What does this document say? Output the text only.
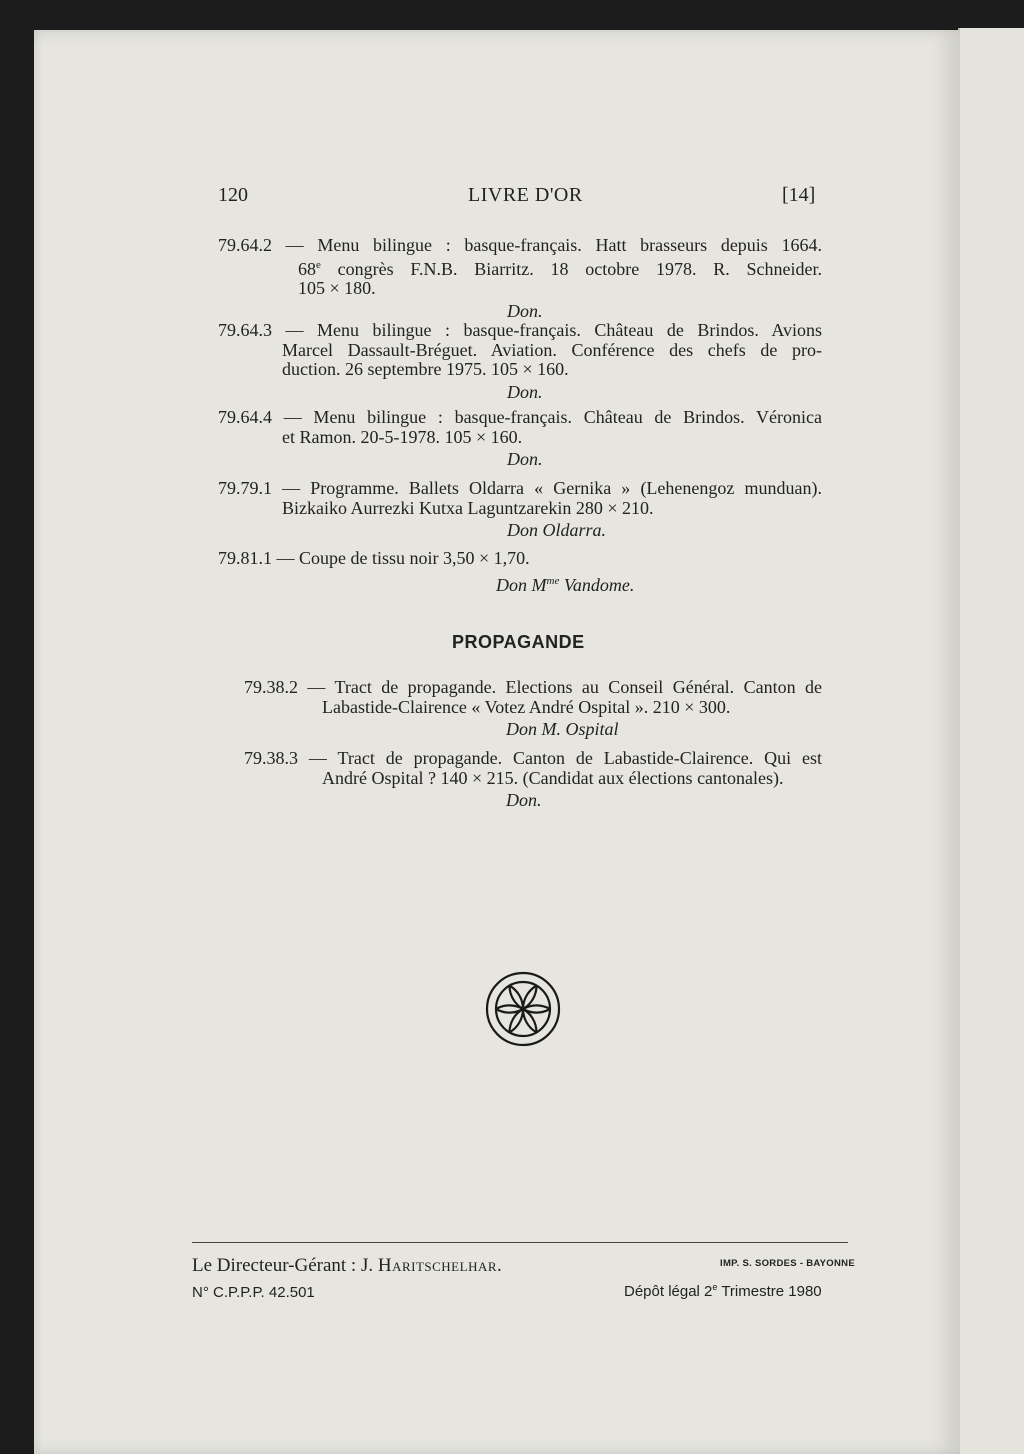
120	LIVRE D'OR	[14]
79.64.2 — Menu bilingue : basque-français. Hatt brasseurs depuis 1664.
68e congrès F.N.B. Biarritz. 18 octobre 1978. R. Schneider.
105 × 180.
Don.
79.64.3 — Menu bilingue : basque-français. Château de Brindos. Avions
Marcel Dassault-Bréguet. Aviation. Conférence des chefs de pro-
duction. 26 septembre 1975. 105 × 160.
Don.
79.64.4 — Menu bilingue : basque-français. Château de Brindos. Véronica
et Ramon. 20-5-1978. 105 × 160.
Don.
79.79.1 — Programme. Ballets Oldarra « Gernika » (Lehenengoz munduan).
Bizkaiko Aurrezki Kutxa Laguntzarekin 280 × 210.
Don Oldarra.
79.81.1 — Coupe de tissu noir 3,50 × 1,70.
Don $M^{me}$ Vandome.
PROPAGANDE
79.38.2 — Tract de propagande. Elections au Conseil Général. Canton de
Labastide-Clairence « Votez André Ospital ». 210 × 300.
Don M. Ospital
79.38.3 — Tract de propagande. Canton de Labastide-Clairence. Qui est
André Ospital ? 140 × 215. (Candidat aux élections cantonales).
Don.
Le Directeur-Gérant : J. Haritschelhar.	IMP. S. SORDES - BAYONNE
N° C.P.P.P. 42.501	Dépôt légal 2e Trimestre 1980
